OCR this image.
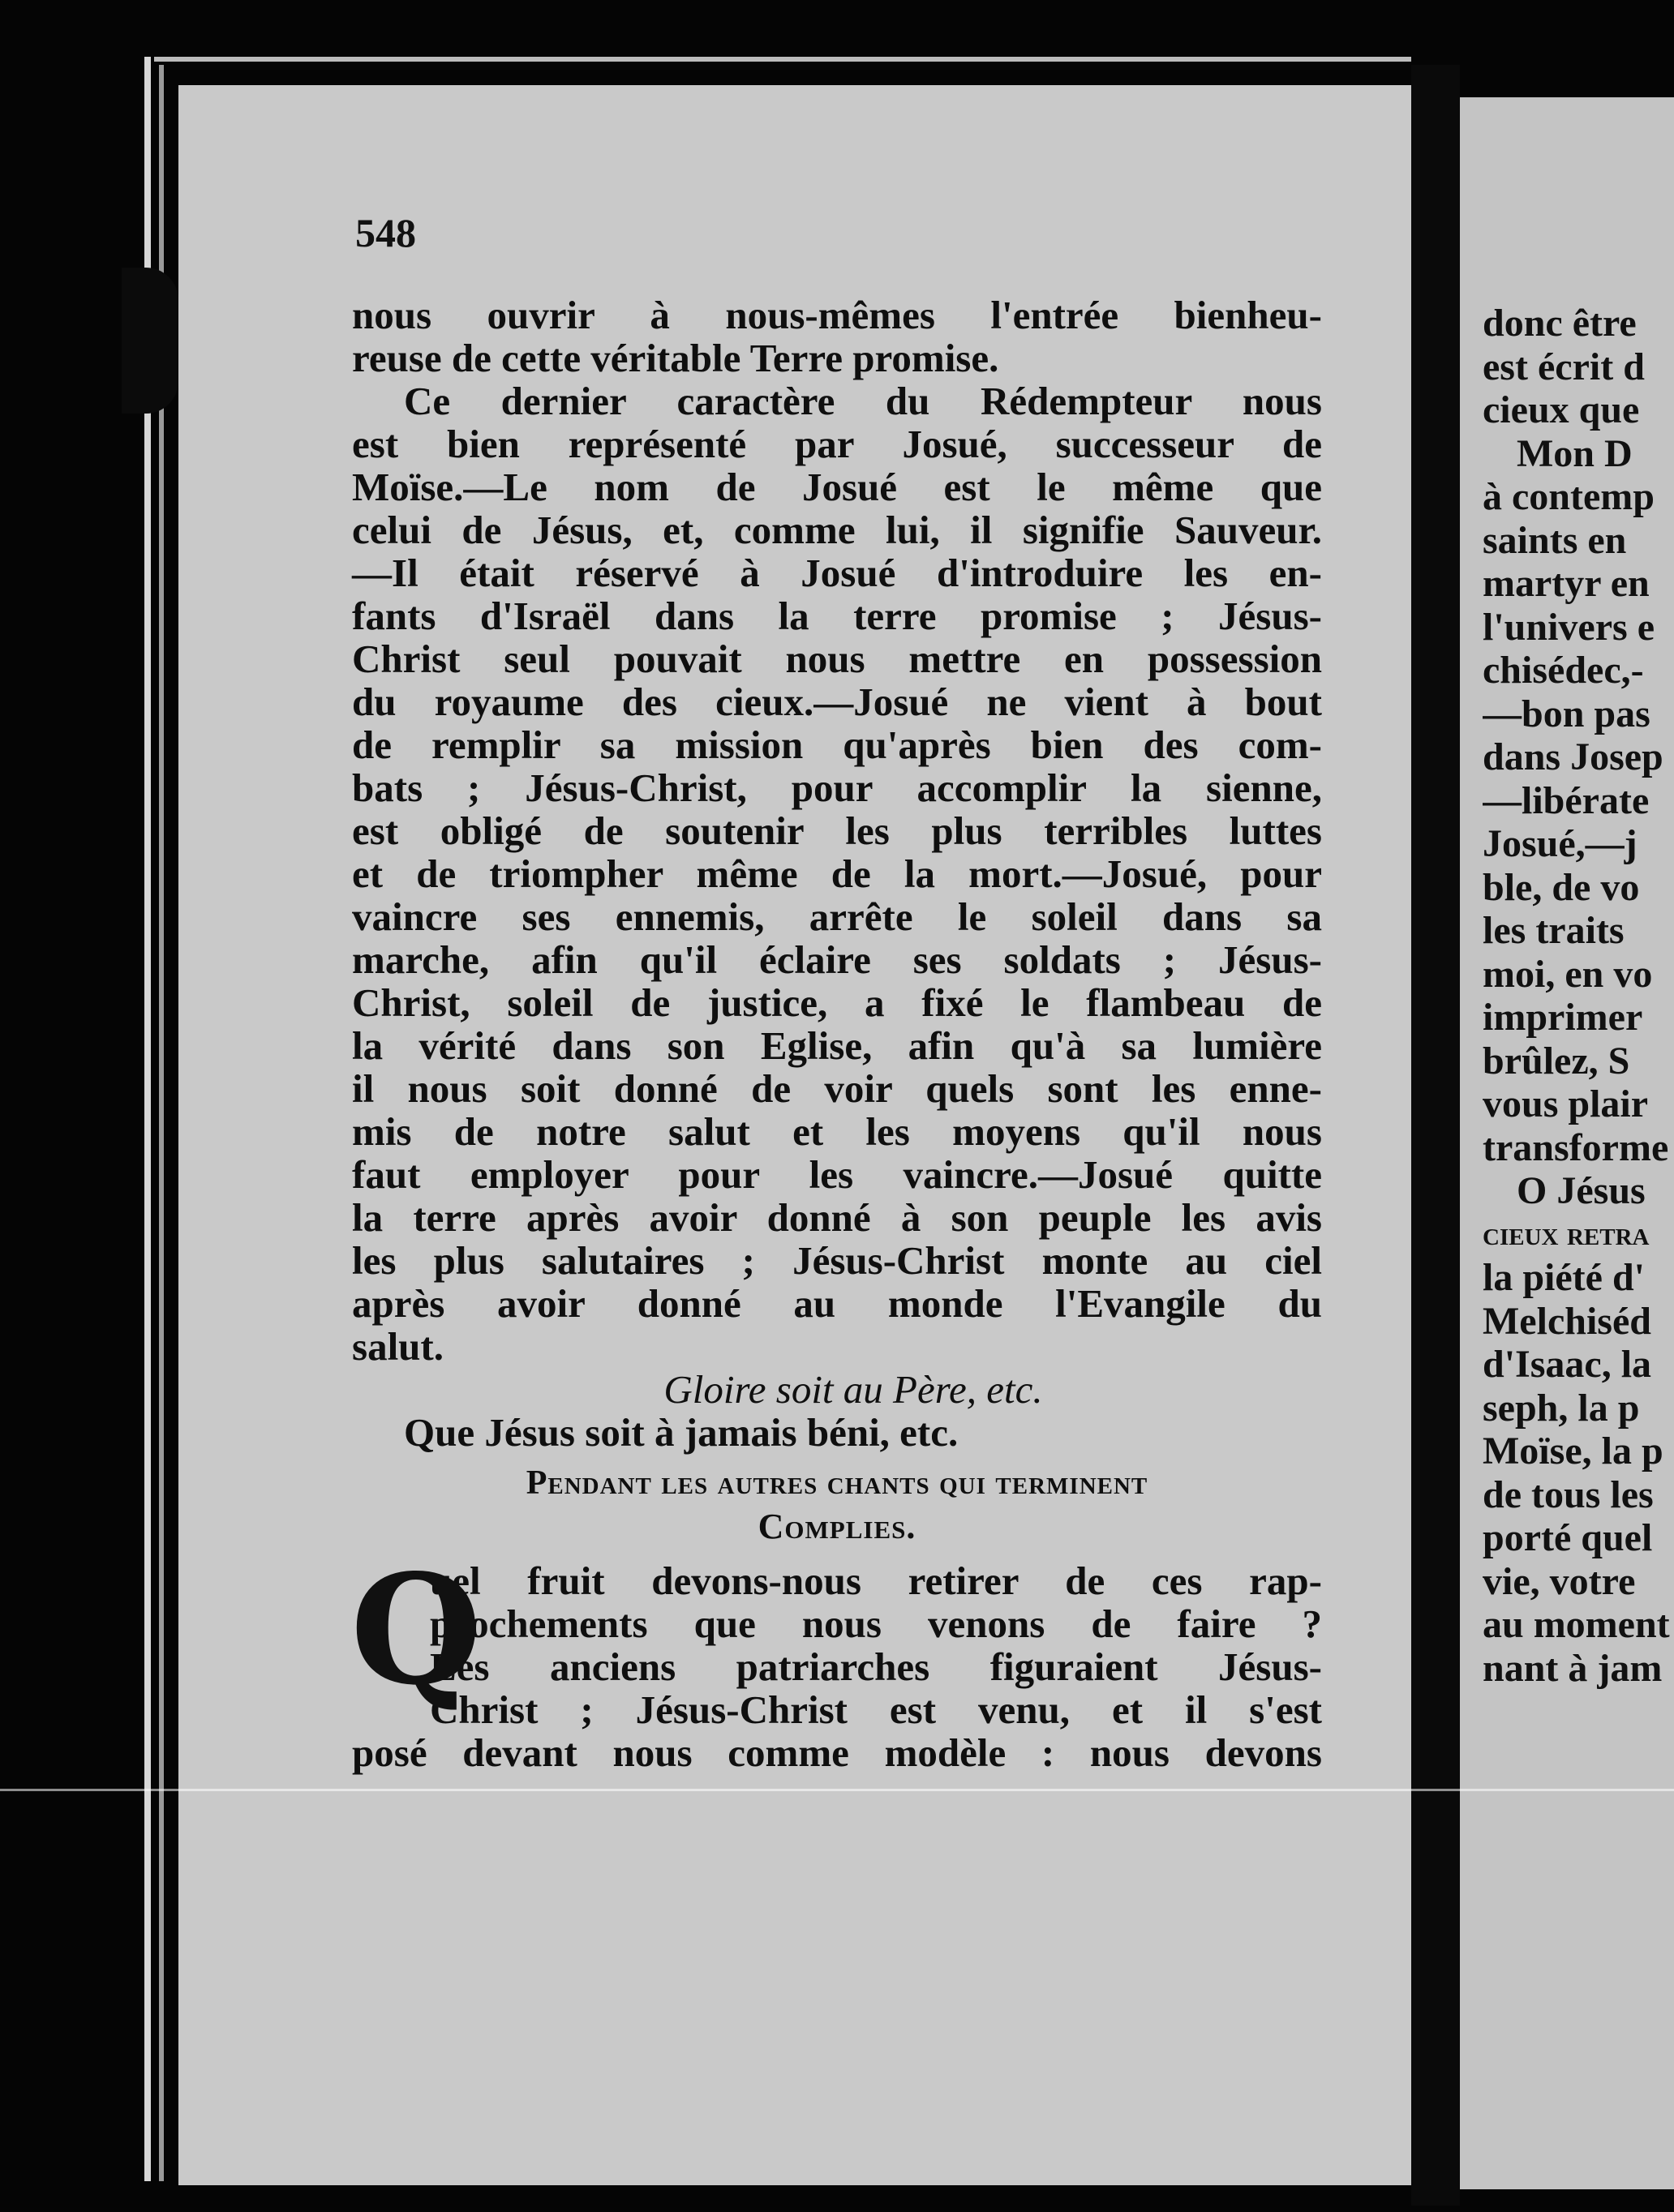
548
nous ouvrir à nous-mêmes l'entrée bienheu-
reuse de cette véritable Terre promise.
Ce dernier caractère du Rédempteur nous
est bien représenté par Josué, successeur de
Moïse.—Le nom de Josué est le même que
celui de Jésus, et, comme lui, il signifie Sauveur.
—Il était réservé à Josué d'introduire les en-
fants d'Israël dans la terre promise ; Jésus-
Christ seul pouvait nous mettre en possession
du royaume des cieux.—Josué ne vient à bout
de remplir sa mission qu'après bien des com-
bats ; Jésus-Christ, pour accomplir la sienne,
est obligé de soutenir les plus terribles luttes
et de triompher même de la mort.—Josué, pour
vaincre ses ennemis, arrête le soleil dans sa
marche, afin qu'il éclaire ses soldats ; Jésus-
Christ, soleil de justice, a fixé le flambeau de
la vérité dans son Eglise, afin qu'à sa lumière
il nous soit donné de voir quels sont les enne-
mis de notre salut et les moyens qu'il nous
faut employer pour les vaincre.—Josué quitte
la terre après avoir donné à son peuple les avis
les plus salutaires ; Jésus-Christ monte au ciel
après avoir donné au monde l'Evangile du
salut.
Gloire soit au Père, etc.
Que Jésus soit à jamais béni, etc.
Pendant les autres chants qui terminent
Complies.
Q
uel fruit devons-nous retirer de ces rap-
prochements que nous venons de faire ?
Les anciens patriarches figuraient Jésus-
Christ ; Jésus-Christ est venu, et il s'est
posé devant nous comme modèle : nous devons
donc être
est écrit d
cieux que
Mon D
à contemp
saints en
martyr en
l'univers e
chisédec,-
—bon pas
dans Josep
—libérate
Josué,—j
ble, de vo
les traits
moi, en vo
imprimer
brûlez, S
vous plair
transforme
O Jésus
cieux retra
la piété d'
Melchiséd
d'Isaac, la
seph, la p
Moïse, la p
de tous les
porté quel
vie, votre
au moment
nant à jam
